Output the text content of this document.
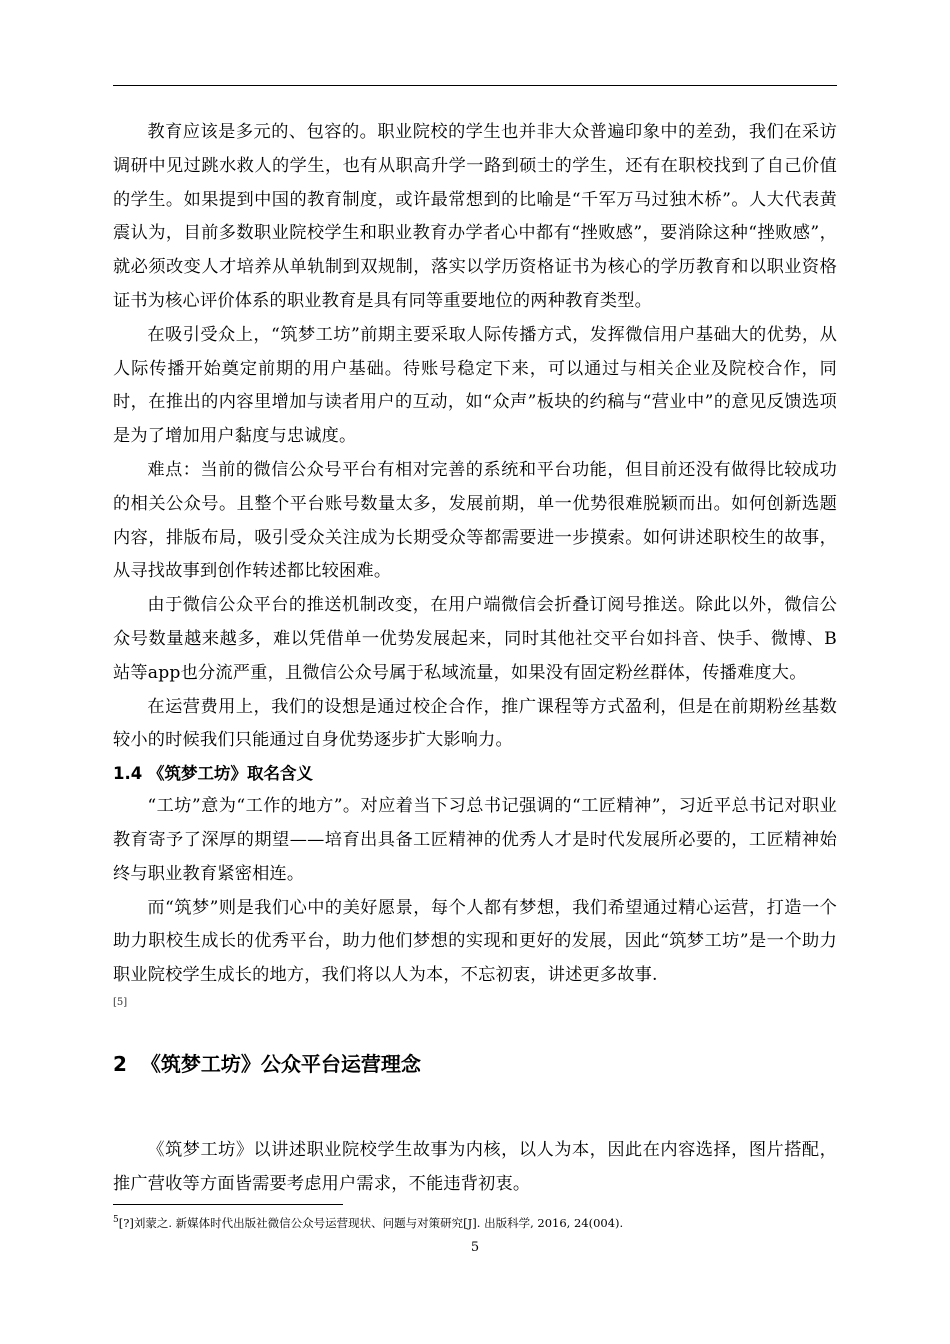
教育应该是多元的、包容的。职业院校的学生也并非大众普遍印象中的差劲，我们在采访调研中见过跳水救人的学生，也有从职高升学一路到硕士的学生，还有在职校找到了自己价值的学生。如果提到中国的教育制度，或许最常想到的比喻是“千军万马过独木桥”。人大代表黄震认为，目前多数职业院校学生和职业教育办学者心中都有“挫败感”，要消除这种“挫败感”，就必须改变人才培养从单轨制到双规制，落实以学历资格证书为核心的学历教育和以职业资格证书为核心评价体系的职业教育是具有同等重要地位的两种教育类型。

在吸引受众上，“筑梦工坊”前期主要采取人际传播方式，发挥微信用户基础大的优势，从人际传播开始奠定前期的用户基础。待账号稳定下来，可以通过与相关企业及院校合作，同时，在推出的内容里增加与读者用户的互动，如“众声”板块的约稿与“营业中”的意见反馈选项是为了增加用户黏度与忠诚度。

难点：当前的微信公众号平台有相对完善的系统和平台功能，但目前还没有做得比较成功的相关公众号。且整个平台账号数量太多，发展前期，单一优势很难脱颖而出。如何创新选题内容，排版布局，吸引受众关注成为长期受众等都需要进一步摸索。如何讲述职校生的故事，从寻找故事到创作转述都比较困难。

由于微信公众平台的推送机制改变，在用户端微信会折叠订阅号推送。除此以外，微信公众号数量越来越多，难以凭借单一优势发展起来，同时其他社交平台如抖音、快手、微博、B站等app也分流严重，且微信公众号属于私域流量，如果没有固定粉丝群体，传播难度大。

在运营费用上，我们的设想是通过校企合作，推广课程等方式盈利，但是在前期粉丝基数较小的时候我们只能通过自身优势逐步扩大影响力。

1.4 《筑梦工坊》取名含义

“工坊”意为“工作的地方”。对应着当下习总书记强调的“工匠精神”，习近平总书记对职业教育寄予了深厚的期望——培育出具备工匠精神的优秀人才是时代发展所必要的，工匠精神始终与职业教育紧密相连。

而“筑梦”则是我们心中的美好愿景，每个人都有梦想，我们希望通过精心运营，打造一个助力职校生成长的优秀平台，助力他们梦想的实现和更好的发展，因此“筑梦工坊”是一个助力职业院校学生成长的地方，我们将以人为本，不忘初衷，讲述更多故事.

[5]
2 《筑梦工坊》公众平台运营理念

《筑梦工坊》以讲述职业院校学生故事为内核，以人为本，因此在内容选择，图片搭配，推广营收等方面皆需要考虑用户需求，不能违背初衷。

$^5$[?]刘蒙之. 新媒体时代出版社微信公众号运营现状、问题与对策研究[J]. 出版科学, 2016, 24(004).

5
